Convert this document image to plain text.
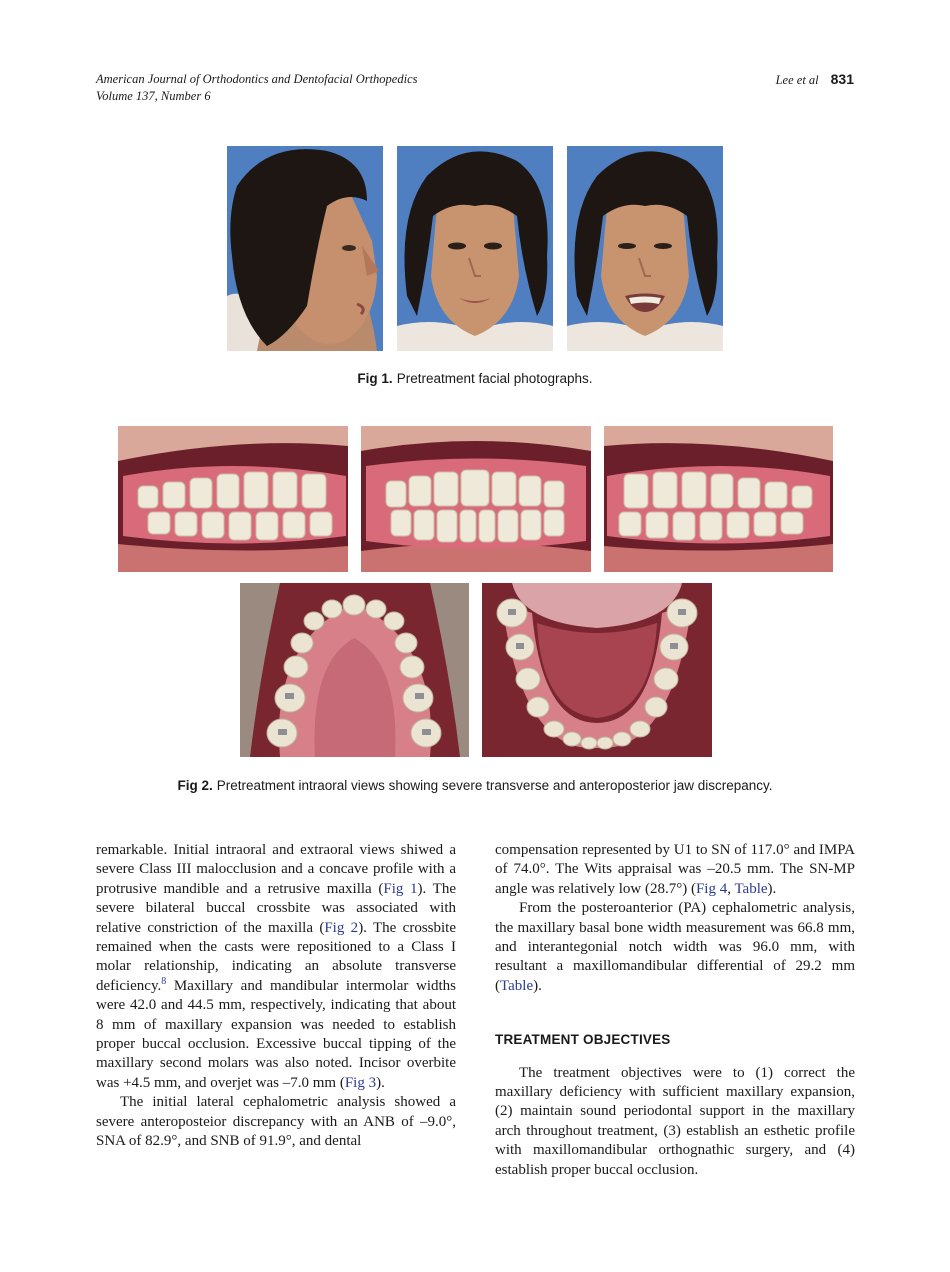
American Journal of Orthodontics and Dentofacial Orthopedics
Volume 137, Number 6
Lee et al 831
Fig 1. Pretreatment facial photographs.
Fig 2. Pretreatment intraoral views showing severe transverse and anteroposterior jaw discrepancy.

remarkable. Initial intraoral and extraoral views shiwed a severe Class III malocclusion and a concave profile with a protrusive mandible and a retrusive maxilla (Fig 1). The severe bilateral buccal crossbite was associated with relative constriction of the maxilla (Fig 2). The crossbite remained when the casts were repositioned to a Class I molar relationship, indicating an absolute transverse deficiency.$^8$ Maxillary and mandibular intermolar widths were 42.0 and 44.5 mm, respectively, indicating that about 8 mm of maxillary expansion was needed to establish proper buccal occlusion. Excessive buccal tipping of the maxillary second molars was also noted. Incisor overbite was +4.5 mm, and overjet was –7.0 mm (Fig 3).

The initial lateral cephalometric analysis showed a severe anteroposteior discrepancy with an ANB of –9.0°, SNA of 82.9°, and SNB of 91.9°, and dental

compensation represented by U1 to SN of 117.0° and IMPA of 74.0°. The Wits appraisal was –20.5 mm. The SN-MP angle was relatively low (28.7°) (Fig 4, Table).

From the posteroanterior (PA) cephalometric analysis, the maxillary basal bone width measurement was 66.8 mm, and interantegonial notch width was 96.0 mm, with resultant a maxillomandibular differential of 29.2 mm (Table).

TREATMENT OBJECTIVES

The treatment objectives were to (1) correct the maxillary deficiency with sufficient maxillary expansion, (2) maintain sound periodontal support in the maxillary arch throughout treatment, (3) establish an esthetic profile with maxillomandibular orthognathic surgery, and (4) establish proper buccal occlusion.
